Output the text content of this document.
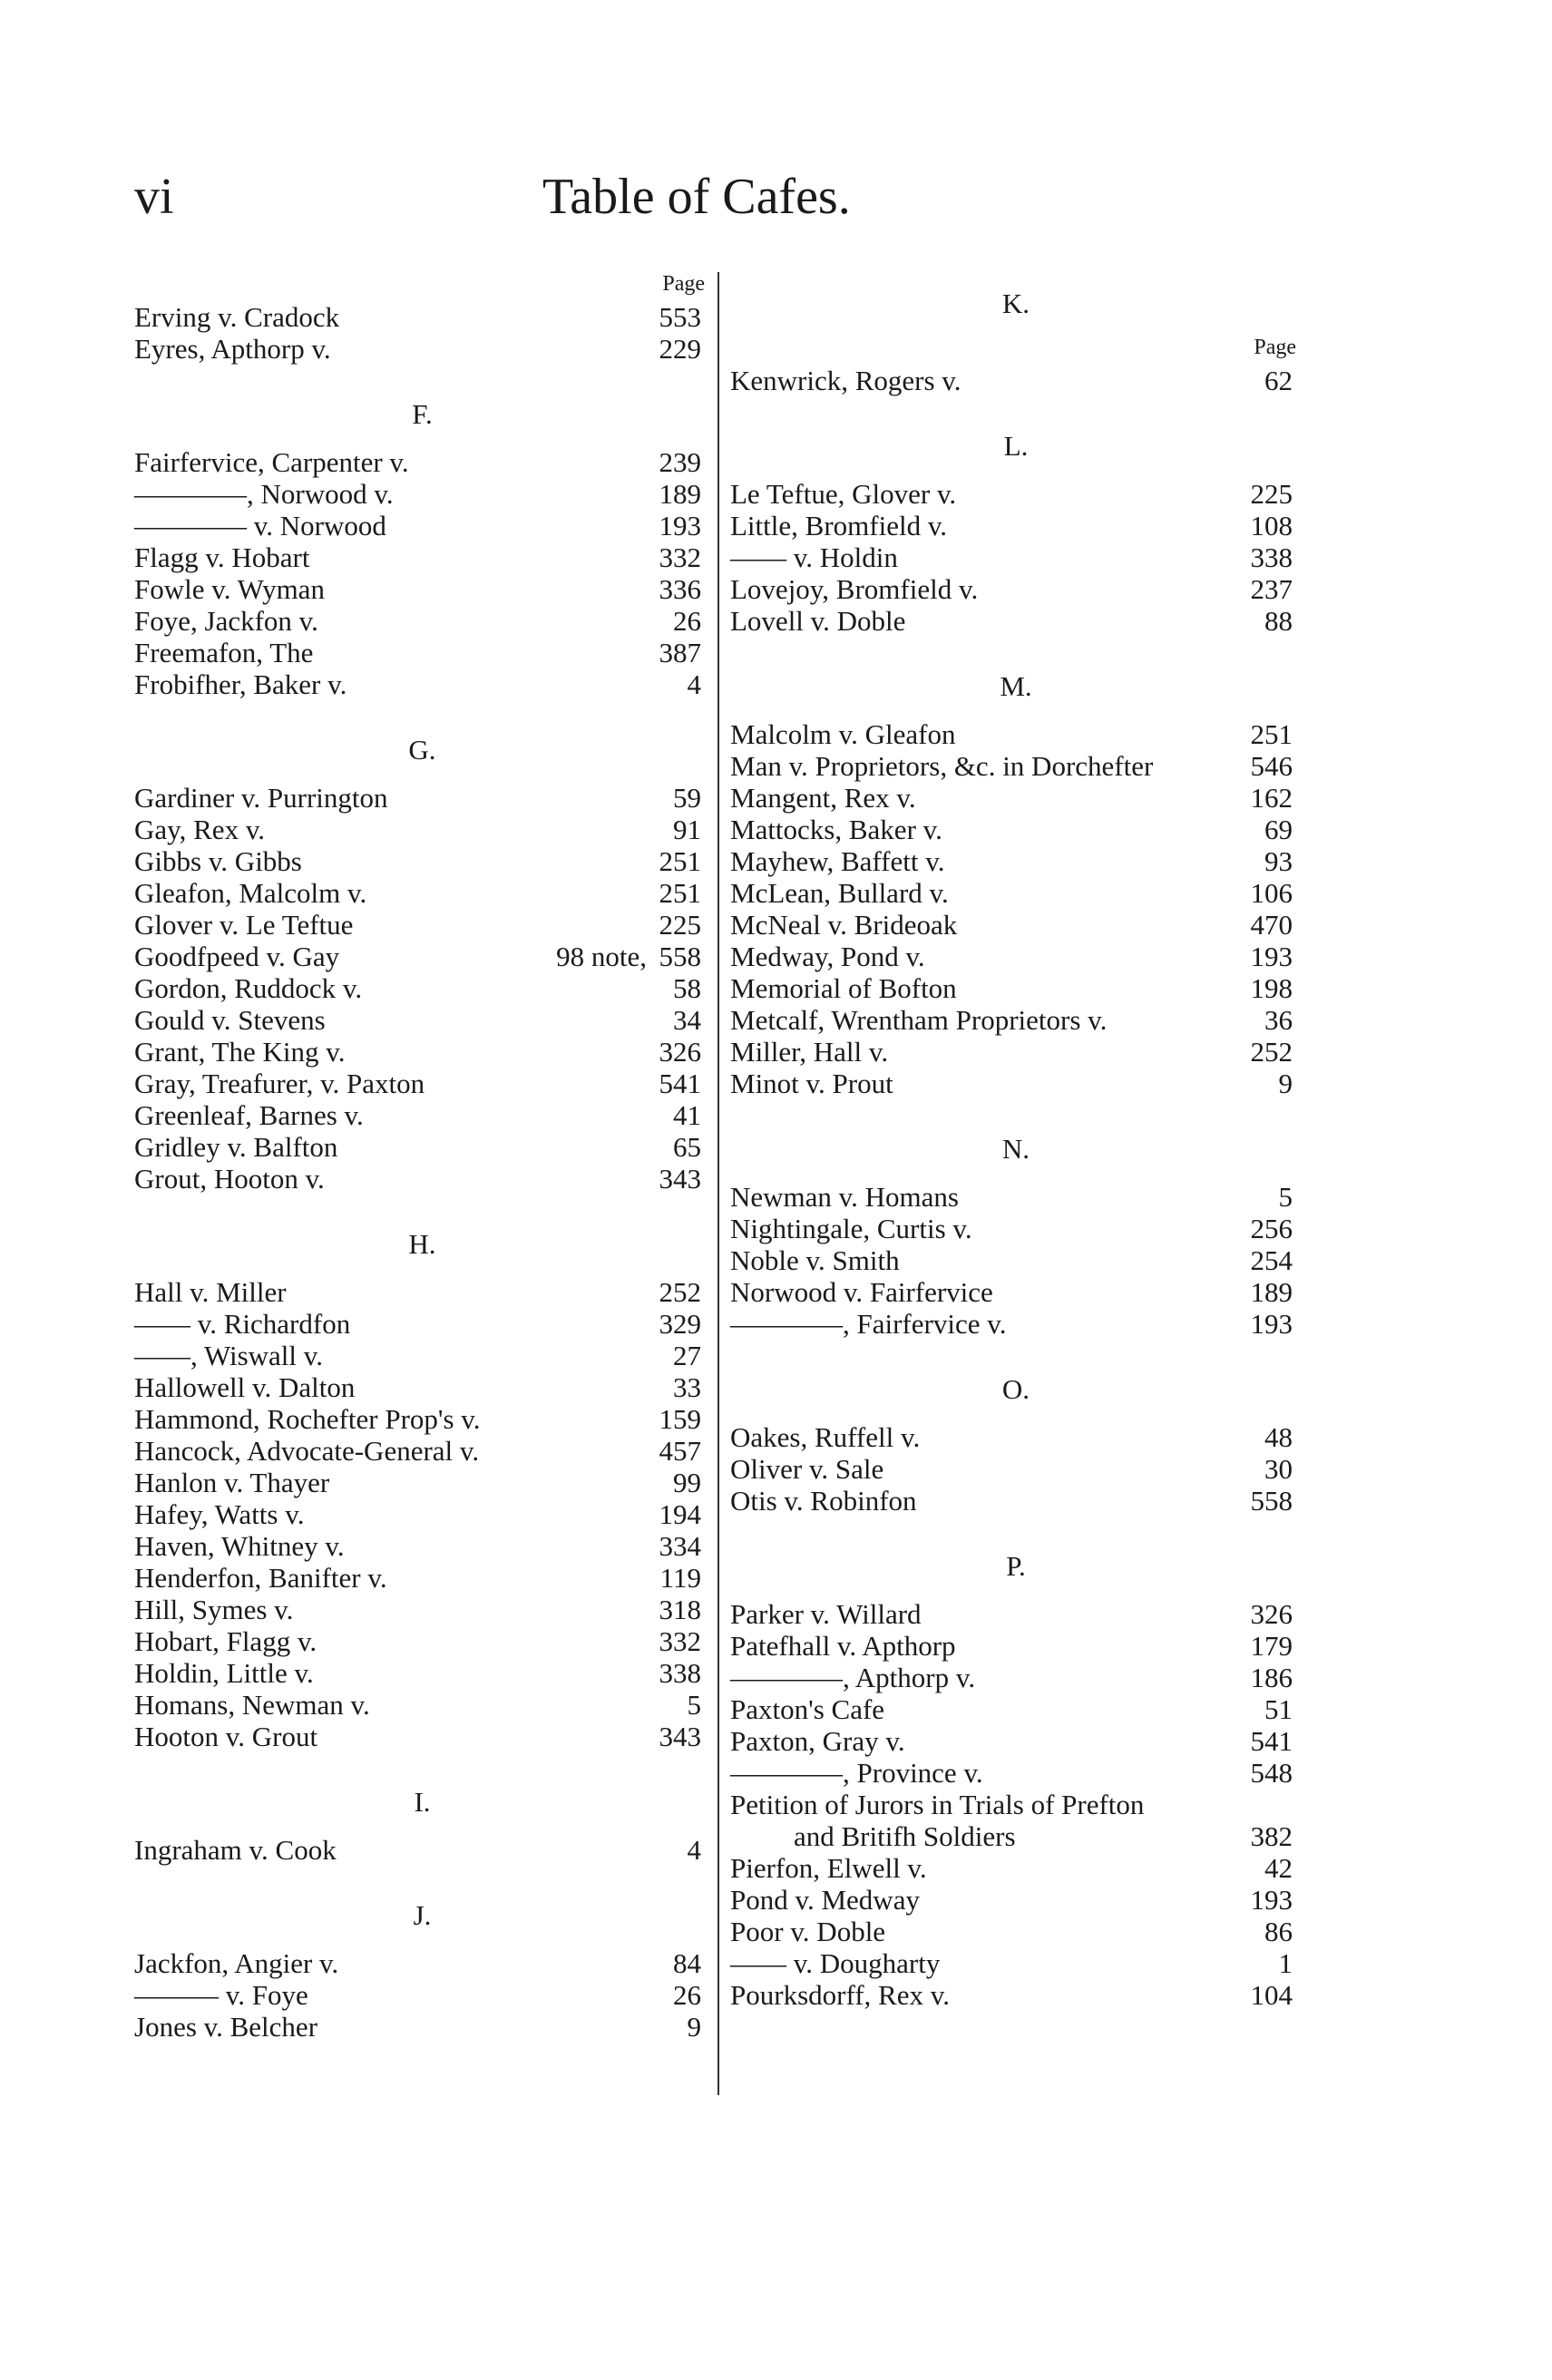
vi	Table of Cafes.
Page
Erving v. Cradock	553
Eyres, Apthorp v.	229
F.
Fairfervice, Carpenter v.	239
————, Norwood v.	189
———— v. Norwood	193
Flagg v. Hobart	332
Fowle v. Wyman	336
Foye, Jackfon v.	26
Freemafon, The	387
Frobifher, Baker v.	4
G.
Gardiner v. Purrington	59
Gay, Rex v.	91
Gibbs v. Gibbs	251
Gleafon, Malcolm v.	251
Glover v. Le Teftue	225
Goodfpeed v. Gay	98 note, 558
Gordon, Ruddock v.	58
Gould v. Stevens	34
Grant, The King v.	326
Gray, Treafurer, v. Paxton	541
Greenleaf, Barnes v.	41
Gridley v. Balfton	65
Grout, Hooton v.	343
H.
Hall v. Miller	252
—— v. Richardfon	329
——, Wiswall v.	27
Hallowell v. Dalton	33
Hammond, Rochefter Prop's v.	159
Hancock, Advocate-General v.	457
Hanlon v. Thayer	99
Hafey, Watts v.	194
Haven, Whitney v.	334
Henderfon, Banifter v.	119
Hill, Symes v.	318
Hobart, Flagg v.	332
Holdin, Little v.	338
Homans, Newman v.	5
Hooton v. Grout	343
I.
Ingraham v. Cook	4
J.
Jackfon, Angier v.	84
——— v. Foye	26
Jones v. Belcher	9
K.
Page
Kenwrick, Rogers v.	62
L.
Le Teftue, Glover v.	225
Little, Bromfield v.	108
—— v. Holdin	338
Lovejoy, Bromfield v.	237
Lovell v. Doble	88
M.
Malcolm v. Gleafon	251
Man v. Proprietors, &c. in Dorchefter	546
Mangent, Rex v.	162
Mattocks, Baker v.	69
Mayhew, Baffett v.	93
McLean, Bullard v.	106
McNeal v. Brideoak	470
Medway, Pond v.	193
Memorial of Bofton	198
Metcalf, Wrentham Proprietors v.	36
Miller, Hall v.	252
Minot v. Prout	9
N.
Newman v. Homans	5
Nightingale, Curtis v.	256
Noble v. Smith	254
Norwood v. Fairfervice	189
————, Fairfervice v.	193
O.
Oakes, Ruffell v.	48
Oliver v. Sale	30
Otis v. Robinfon	558
P.
Parker v. Willard	326
Patefhall v. Apthorp	179
————, Apthorp v.	186
Paxton's Cafe	51
Paxton, Gray v.	541
————, Province v.	548
Petition of Jurors in Trials of Prefton
and Britifh Soldiers	382
Pierfon, Elwell v.	42
Pond v. Medway	193
Poor v. Doble	86
—— v. Dougharty	1
Pourksdorff, Rex v.	104
